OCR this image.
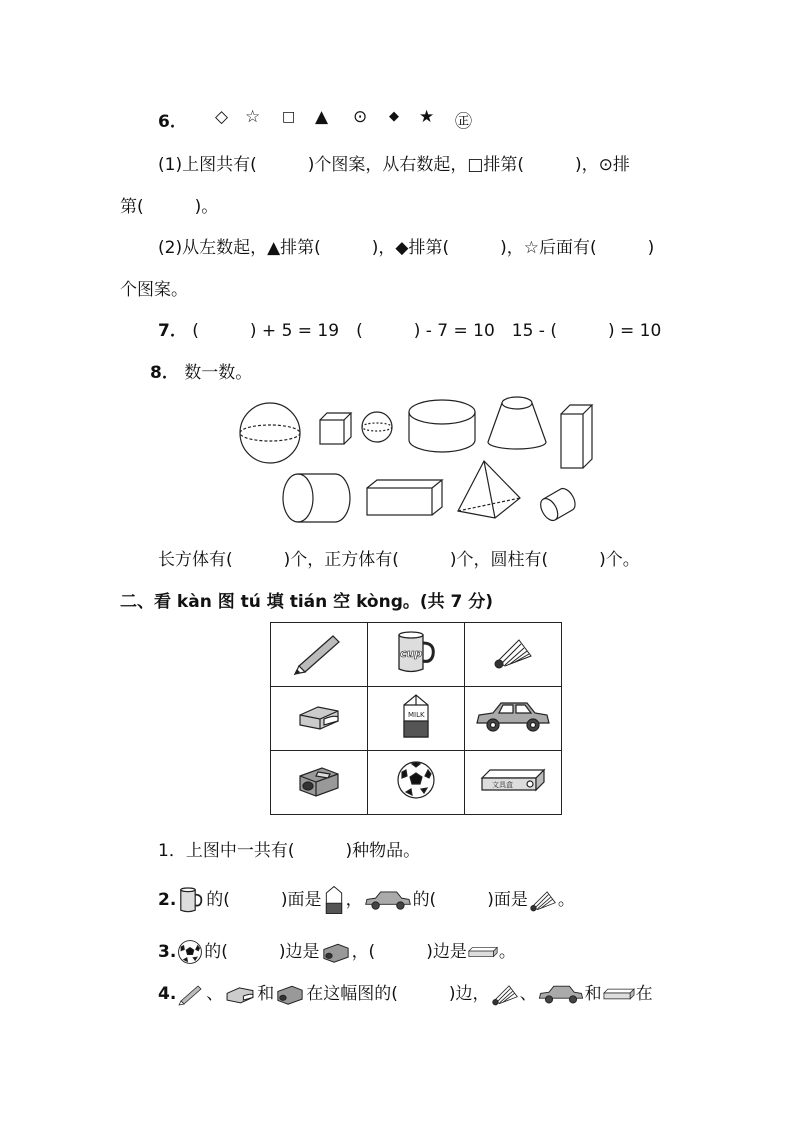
6． ◇ ☆ □ ▲ ⊙ ◆ ★ ㊣
(1)上图共有(　　　)个图案，从右数起，□排第(　　　)，⊙排
第(　　　)。
(2)从左数起，▲排第(　　　)，◆排第(　　　)，☆后面有(　　　)
个图案。
7． (　　　) + 5 = 19　(　　　) - 7 = 10　15 - (　　　) = 10
8． 数一数。
长方体有(　　　)个，正方体有(　　　)个，圆柱有(　　　)个。
二、看 kàn 图 tú 填 tián 空 kòng。(共 7 分)

cup

MILK

文具盒
1．上图中一共有(　　　)种物品。
2. 的(　　　)面是 ，	的(　　　)面是 。
3. 的(　　　)边是 ，(　　　)边是 。
4. 、 和 在这幅图的(　　　)边， 、	和 在
